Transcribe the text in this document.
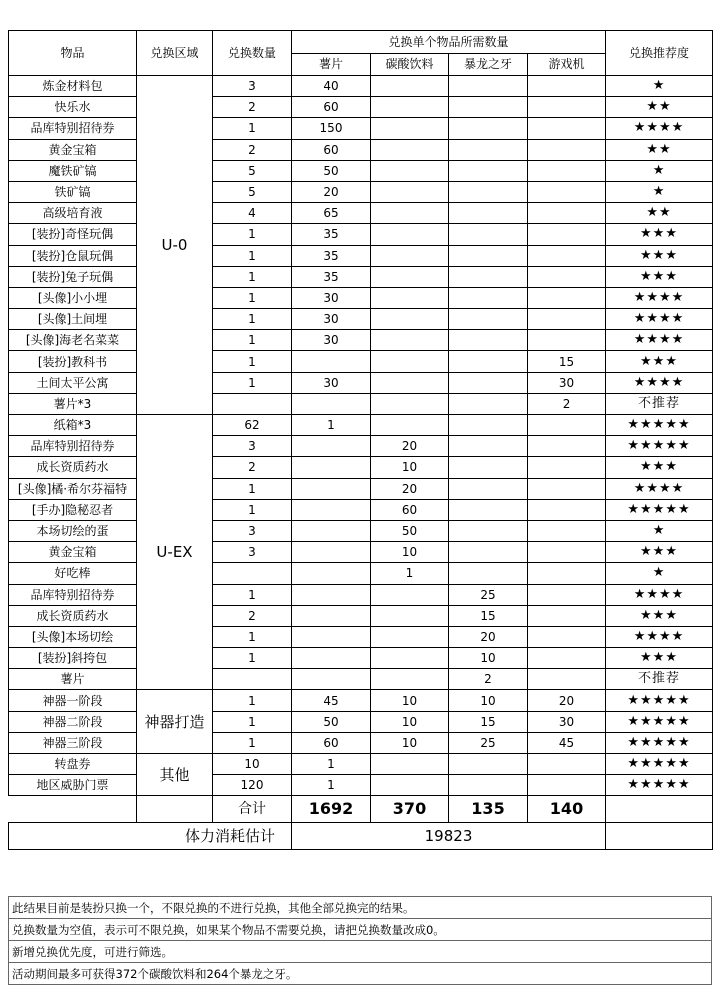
物品	兑换区域	兑换数量	兑换单个物品所需数量				兑换推荐度
			薯片	碳酸饮料	暴龙之牙	游戏机	
炼金材料包	U-0	3	40				★
快乐水		2	60				★★
品库特别招待券		1	150				★★★★
黄金宝箱		2	60				★★
魔铁矿镐		5	50				★
铁矿镐		5	20				★
高级培育液		4	65				★★
[装扮]奇怪玩偶		1	35				★★★
[装扮]仓鼠玩偶		1	35				★★★
[装扮]兔子玩偶		1	35				★★★
[头像]小小埋		1	30				★★★★
[头像]土间埋		1	30				★★★★
[头像]海老名菜菜		1	30				★★★★
[装扮]教科书		1				15	★★★
土间太平公寓		1	30			30	★★★★
薯片*3						2	不推荐
纸箱*3	U-EX	62	1				★★★★★
品库特别招待券		3		20			★★★★★
成长资质药水		2		10			★★★
[头像]橘·希尔芬福特		1		20			★★★★
[手办]隐秘忍者		1		60			★★★★★
本场切绘的蛋		3		50			★
黄金宝箱		3		10			★★★
好吃棒				1			★
品库特别招待券		1			25		★★★★
成长资质药水		2			15		★★★
[头像]本场切绘		1			20		★★★★
[装扮]斜挎包		1			10		★★★
薯片					2		不推荐
神器一阶段	神器打造	1	45	10	10	20	★★★★★
神器二阶段		1	50	10	15	30	★★★★★
神器三阶段		1	60	10	25	45	★★★★★
转盘券	其他	10	1				★★★★★
地区威胁门票		120	1				★★★★★
		合计	1692	370	135	140	
体力消耗估计			19823				
此结果目前是装扮只换一个，不限兑换的不进行兑换，其他全部兑换完的结果。
兑换数量为空值，表示可不限兑换，如果某个物品不需要兑换，请把兑换数量改成0。
新增兑换优先度，可进行筛选。
活动期间最多可获得372个碳酸饮料和264个暴龙之牙。
